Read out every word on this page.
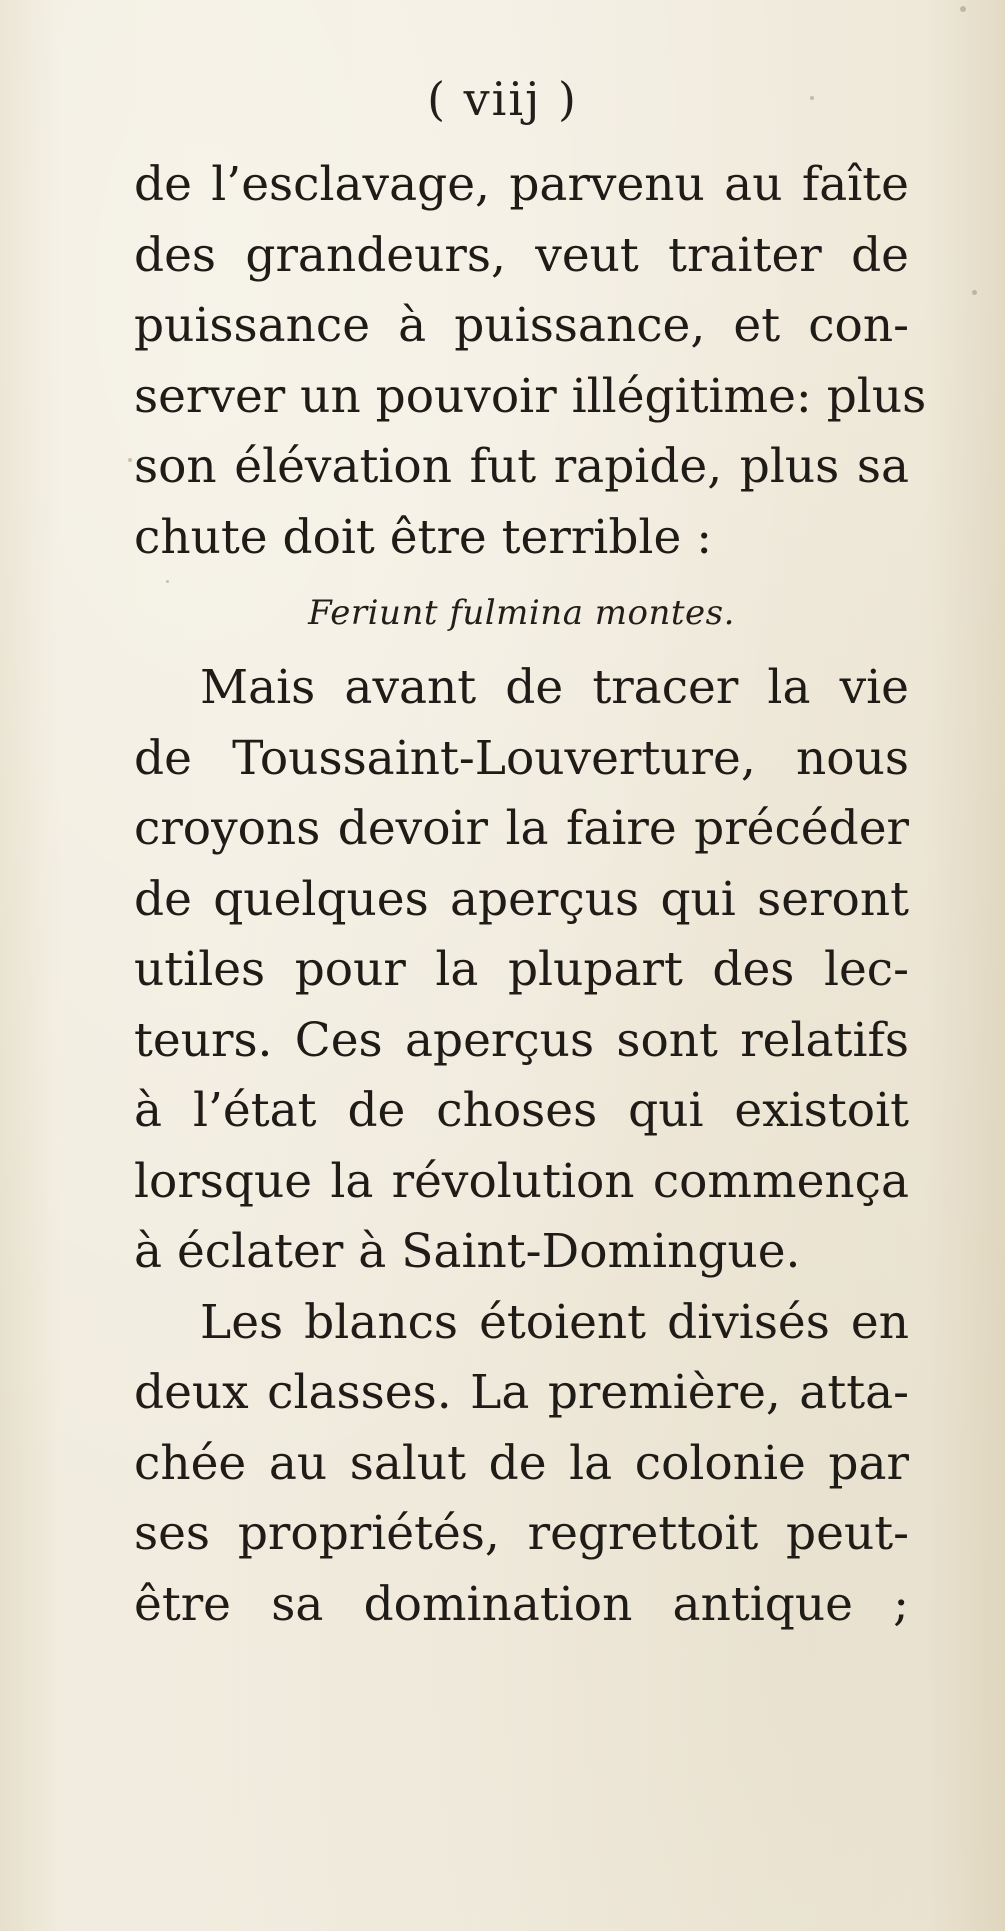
( viij )
de l’esclavage, parvenu au faîte
des grandeurs, veut traiter de
puissance à puissance, et con-
server un pouvoir illégitime: plus
son élévation fut rapide, plus sa
chute doit être terrible :
Feriunt fulmina montes.
Mais avant de tracer la vie
de Toussaint-Louverture, nous
croyons devoir la faire précéder
de quelques aperçus qui seront
utiles pour la plupart des lec-
teurs. Ces aperçus sont relatifs
à l’état de choses qui existoit
lorsque la révolution commença
à éclater à Saint-Domingue.
Les blancs étoient divisés en
deux classes. La première, atta-
chée au salut de la colonie par
ses propriétés, regrettoit peut-
être sa domination antique ;
